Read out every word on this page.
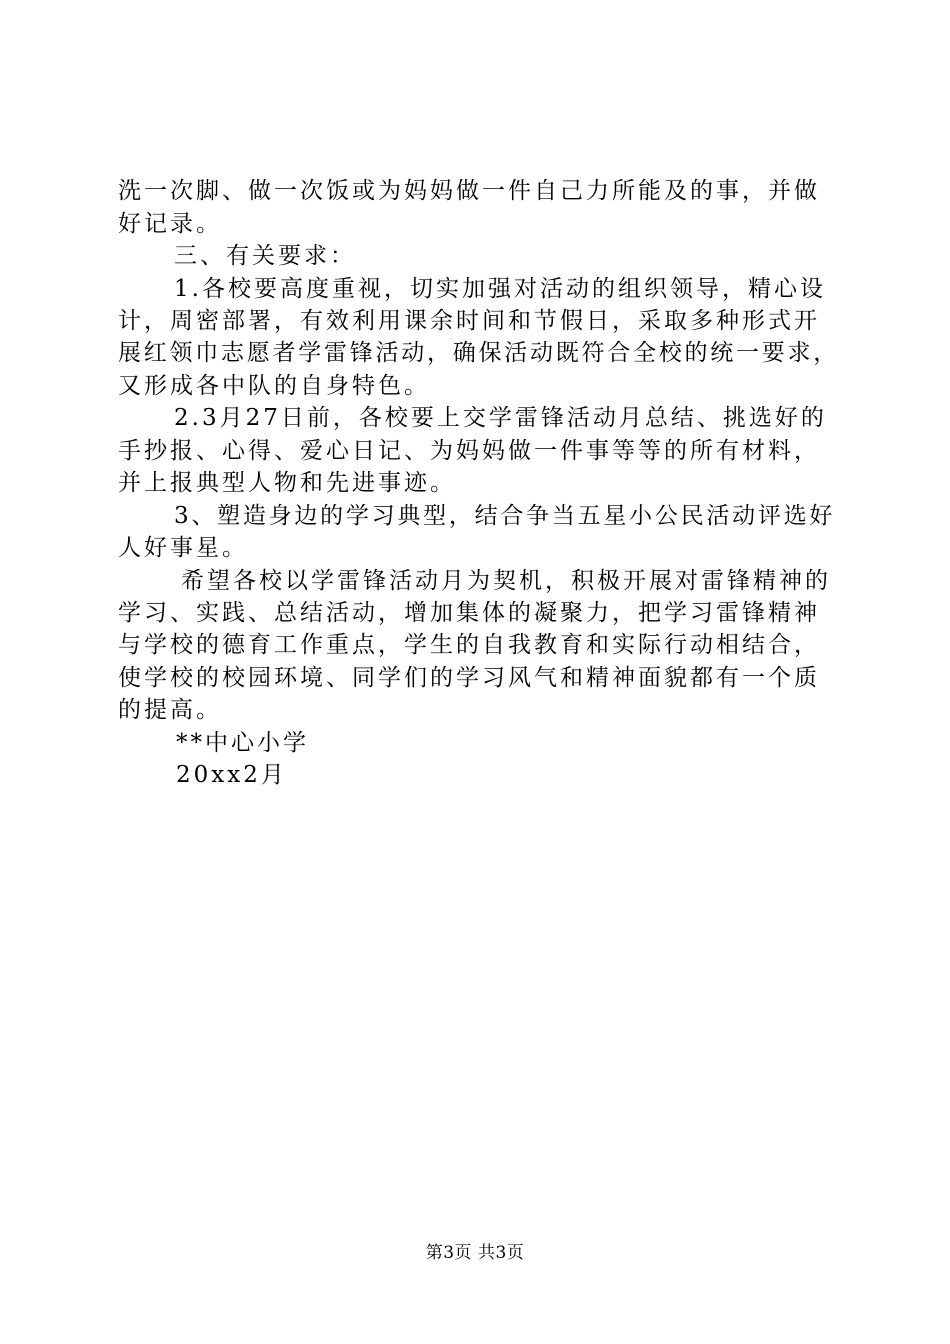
洗一次脚、做一次饭或为妈妈做一件自己力所能及的事，并做
好记录。
三、有关要求：
1.各校要高度重视，切实加强对活动的组织领导，精心设
计，周密部署，有效利用课余时间和节假日，采取多种形式开
展红领巾志愿者学雷锋活动，确保活动既符合全校的统一要求，
又形成各中队的自身特色。
2.3月27日前，各校要上交学雷锋活动月总结、挑选好的
手抄报、心得、爱心日记、为妈妈做一件事等等的所有材料，
并上报典型人物和先进事迹。
3、塑造身边的学习典型，结合争当五星小公民活动评选好
人好事星。
希望各校以学雷锋活动月为契机，积极开展对雷锋精神的
学习、实践、总结活动，增加集体的凝聚力，把学习雷锋精神
与学校的德育工作重点，学生的自我教育和实际行动相结合，
使学校的校园环境、同学们的学习风气和精神面貌都有一个质
的提高。
**中心小学
20xx2月
第3页 共3页
